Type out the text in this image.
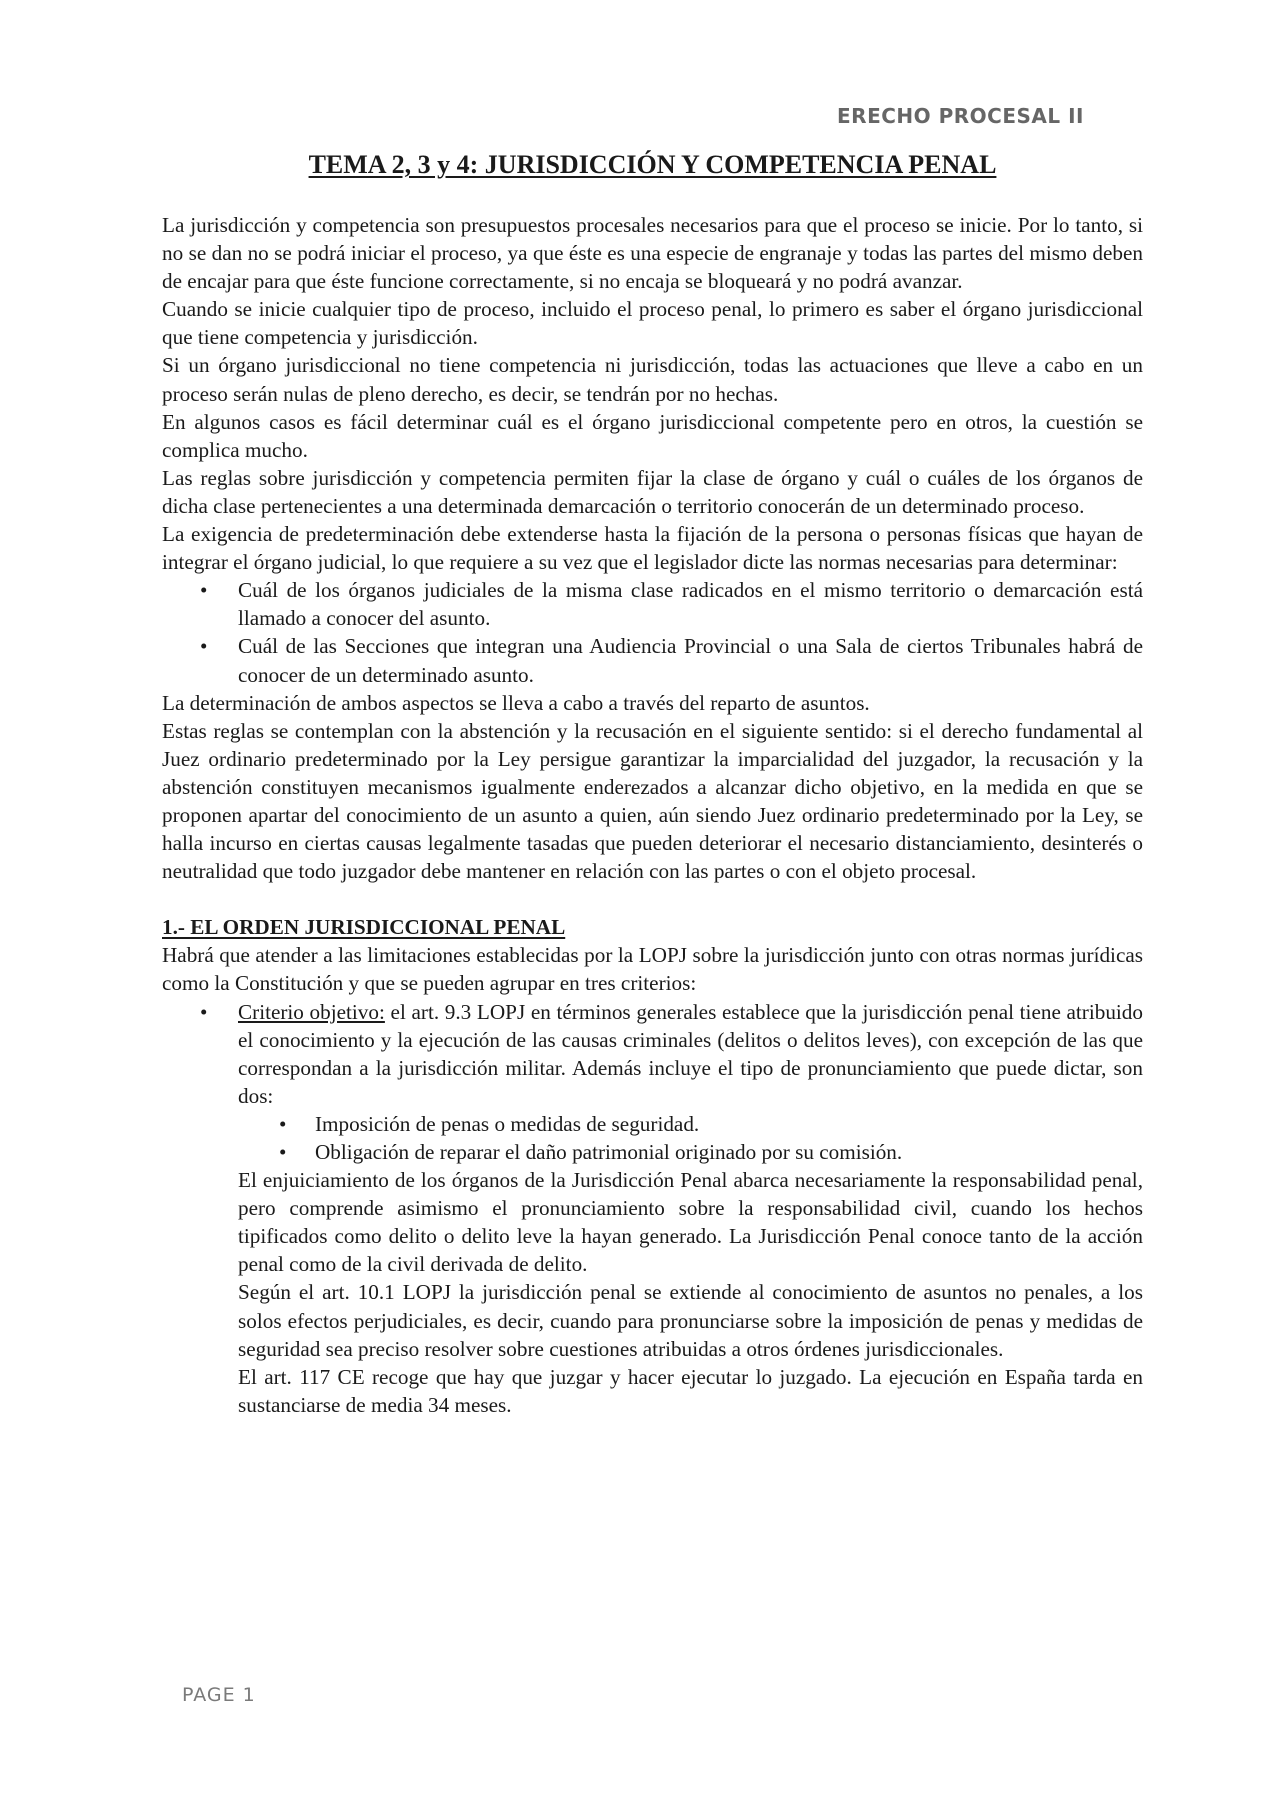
ERECHO PROCESAL II
TEMA 2, 3 y 4: JURISDICCIÓN Y COMPETENCIA PENAL

La jurisdicción y competencia son presupuestos procesales necesarios para que el proceso se inicie. Por lo tanto, si no se dan no se podrá iniciar el proceso, ya que éste es una especie de engranaje y todas las partes del mismo deben de encajar para que éste funcione correctamente, si no encaja se bloqueará y no podrá avanzar.

Cuando se inicie cualquier tipo de proceso, incluido el proceso penal, lo primero es saber el órgano jurisdiccional que tiene competencia y jurisdicción.

Si un órgano jurisdiccional no tiene competencia ni jurisdicción, todas las actuaciones que lleve a cabo en un proceso serán nulas de pleno derecho, es decir, se tendrán por no hechas.

En algunos casos es fácil determinar cuál es el órgano jurisdiccional competente pero en otros, la cuestión se complica mucho.

Las reglas sobre jurisdicción y competencia permiten fijar la clase de órgano y cuál o cuáles de los órganos de dicha clase pertenecientes a una determinada demarcación o territorio conocerán de un determinado proceso.

La exigencia de predeterminación debe extenderse hasta la fijación de la persona o personas físicas que hayan de integrar el órgano judicial, lo que requiere a su vez que el legislador dicte las normas necesarias para determinar:

• Cuál de los órganos judiciales de la misma clase radicados en el mismo territorio o demarcación está llamado a conocer del asunto.
• Cuál de las Secciones que integran una Audiencia Provincial o una Sala de ciertos Tribunales habrá de conocer de un determinado asunto.

La determinación de ambos aspectos se lleva a cabo a través del reparto de asuntos.

Estas reglas se contemplan con la abstención y la recusación en el siguiente sentido: si el derecho fundamental al Juez ordinario predeterminado por la Ley persigue garantizar la imparcialidad del juzgador, la recusación y la abstención constituyen mecanismos igualmente enderezados a alcanzar dicho objetivo, en la medida en que se proponen apartar del conocimiento de un asunto a quien, aún siendo Juez ordinario predeterminado por la Ley, se halla incurso en ciertas causas legalmente tasadas que pueden deteriorar el necesario distanciamiento, desinterés o neutralidad que todo juzgador debe mantener en relación con las partes o con el objeto procesal.

1.- EL ORDEN JURISDICCIONAL PENAL

Habrá que atender a las limitaciones establecidas por la LOPJ sobre la jurisdicción junto con otras normas jurídicas como la Constitución y que se pueden agrupar en tres criterios:

• Criterio objetivo: el art. 9.3 LOPJ en términos generales establece que la jurisdicción penal tiene atribuido el conocimiento y la ejecución de las causas criminales (delitos o delitos leves), con excepción de las que correspondan a la jurisdicción militar. Además incluye el tipo de pronunciamiento que puede dictar, son dos:
• Imposición de penas o medidas de seguridad.
• Obligación de reparar el daño patrimonial originado por su comisión.

El enjuiciamiento de los órganos de la Jurisdicción Penal abarca necesariamente la responsabilidad penal, pero comprende asimismo el pronunciamiento sobre la responsabilidad civil, cuando los hechos tipificados como delito o delito leve la hayan generado. La Jurisdicción Penal conoce tanto de la acción penal como de la civil derivada de delito.

Según el art. 10.1 LOPJ la jurisdicción penal se extiende al conocimiento de asuntos no penales, a los solos efectos perjudiciales, es decir, cuando para pronunciarse sobre la imposición de penas y medidas de seguridad sea preciso resolver sobre cuestiones atribuidas a otros órdenes jurisdiccionales.

El art. 117 CE recoge que hay que juzgar y hacer ejecutar lo juzgado. La ejecución en España tarda en sustanciarse de media 34 meses.

PAGE 1
